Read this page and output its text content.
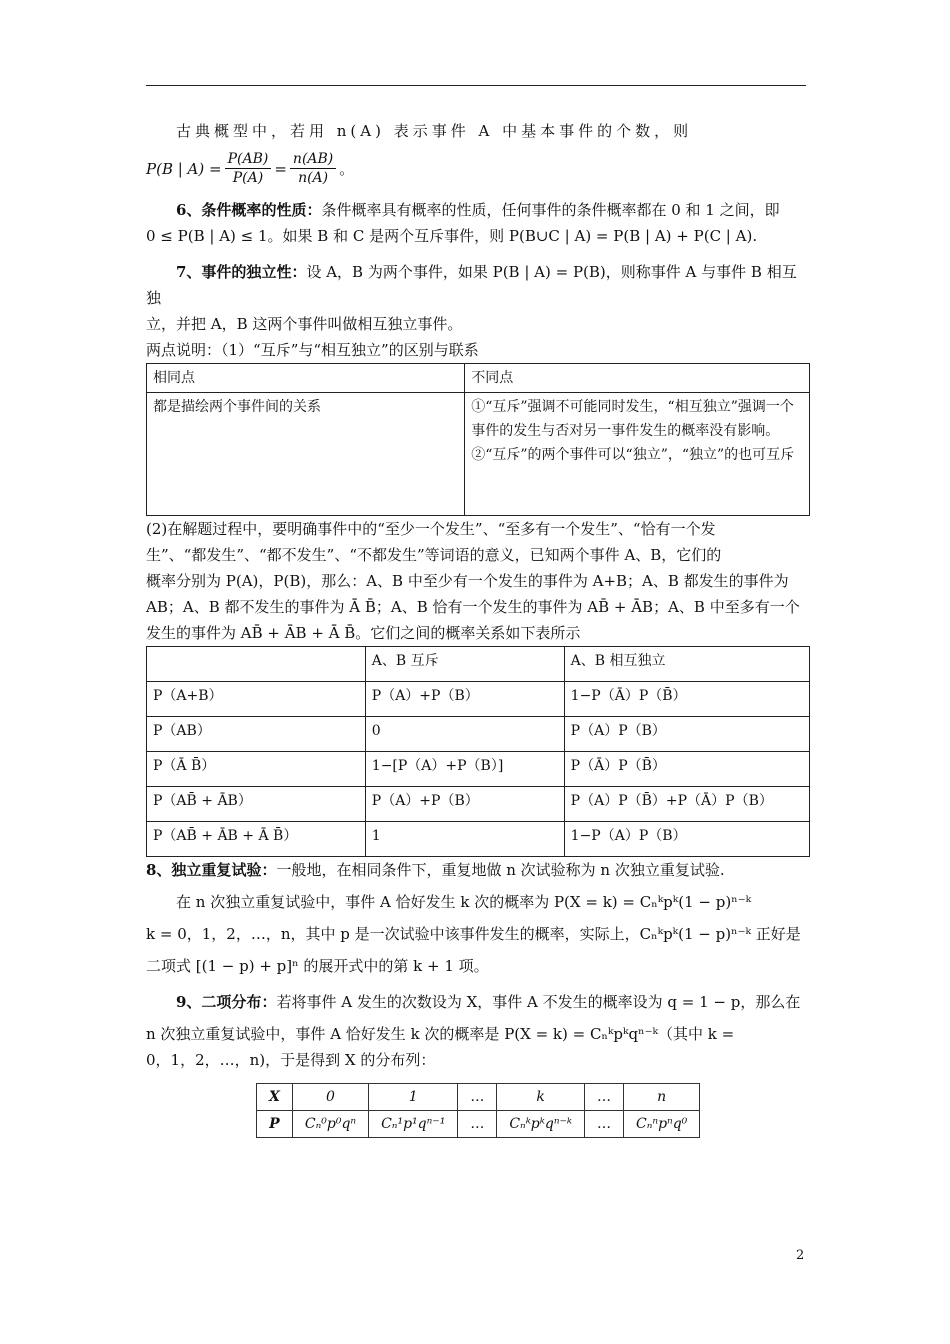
古典概型中，若用 n(A) 表示事件 A 中基本事件的个数，则

P(B | $A) = \frac{P(AB)}{P(A)} = \frac{n(AB)}{n(A)}$ 。

6、条件概率的性质：条件概率具有概率的性质，任何事件的条件概率都在 0 和 1 之间，即

0 ≤ P(B | A) ≤ 1。如果 B 和 C 是两个互斥事件，则 P(B∪C | A) = P(B | A) + P(C | A).

7、事件的独立性：设 A，B 为两个事件，如果 P(B | A) = P(B)，则称事件 A 与事件 B 相互独

立，并把 A，B 这两个事件叫做相互独立事件。

两点说明：（1）“互斥”与“相互独立”的区别与联系

相同点	不同点
都是描绘两个事件间的关系	①“互斥”强调不可能同时发生，“相互独立”强调一个事件的发生与否对另一事件发生的概率没有影响。
②“互斥”的两个事件可以“独立”，“独立”的也可互斥

(2)在解题过程中，要明确事件中的“至少一个发生”、“至多有一个发生”、“恰有一个发

生”、“都发生”、“都不发生”、“不都发生”等词语的意义，已知两个事件 A、B，它们的

概率分别为 P(A)，P(B)，那么：A、B 中至少有一个发生的事件为 A+B；A、B 都发生的事件为

AB；A、B 都不发生的事件为 Ā B̄；A、B 恰有一个发生的事件为 AB̄ + ĀB；A、B 中至多有一个

发生的事件为 AB̄ + ĀB + Ā B̄。它们之间的概率关系如下表所示

	A、B 互斥	A、B 相互独立
P（A+B）	P（A）+P（B）	1−P（Ā）P（B̄）
P（AB）	0	P（A）P（B）
P（Ā B̄）	1−[P（A）+P（B）]	P（Ā）P（B̄）
P（AB̄ + ĀB）	P（A）+P（B）	P（A）P（B̄）+P（Ā）P（B）
P（AB̄ + ĀB + Ā B̄）	1	1−P（A）P（B）

8、独立重复试验：一般地，在相同条件下，重复地做 n 次试验称为 n 次独立重复试验.

在 n 次独立重复试验中，事件 A 恰好发生 k 次的概率为 P(X = k) = Cₙᵏpᵏ(1 − p)ⁿ⁻ᵏ

k = 0，1，2，…，n，其中 p 是一次试验中该事件发生的概率，实际上，Cₙᵏpᵏ(1 − p)ⁿ⁻ᵏ 正好是

二项式 [(1 − p) + p]ⁿ 的展开式中的第 k + 1 项。

9、二项分布：若将事件 A 发生的次数设为 X，事件 A 不发生的概率设为 q = 1 − p，那么在

n 次独立重复试验中，事件 A 恰好发生 k 次的概率是 P(X = k) = Cₙᵏpᵏqⁿ⁻ᵏ（其中 k =

0，1，2，…，n)，于是得到 X 的分布列：

X	0	1	…	k	…	n
P	Cₙ⁰p⁰qⁿ	Cₙ¹p¹qⁿ⁻¹	…	Cₙᵏpᵏqⁿ⁻ᵏ	…	Cₙⁿpⁿq⁰
2
